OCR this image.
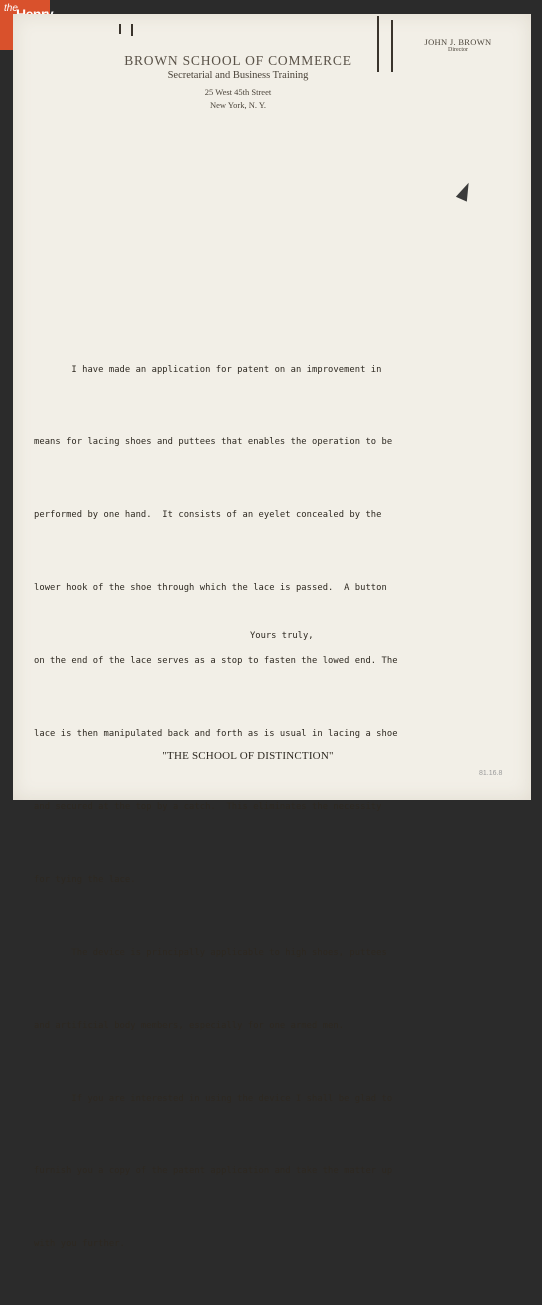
the
BROWN SCHOOL OF COMMERCE
Secretarial and Business Training
25 West 45th Street
New York, N. Y.
JOHN J. BROWN
Director

I have made an application for patent on an improvement in

means for lacing shoes and puttees that enables the operation to be

performed by one hand.  It consists of an eyelet concealed by the

lower hook of the shoe through which the lace is passed.  A button

on the end of the lace serves as a stop to fasten the lowed end. The

lace is then manipulated back and forth as is usual in lacing a shoe

and secured at the top by a catch.  This eliminates the necessity

for tying the lace.

The device is principally applicable to high shoes, puttees

and artificial body members, especially for one armed men.

If you are interested in using the device I shall be glad to

furnish you a copy of the patent application and take the matter up

with you further.

Yours truly,
"THE SCHOOL OF DISTINCTION"
81.16.8
